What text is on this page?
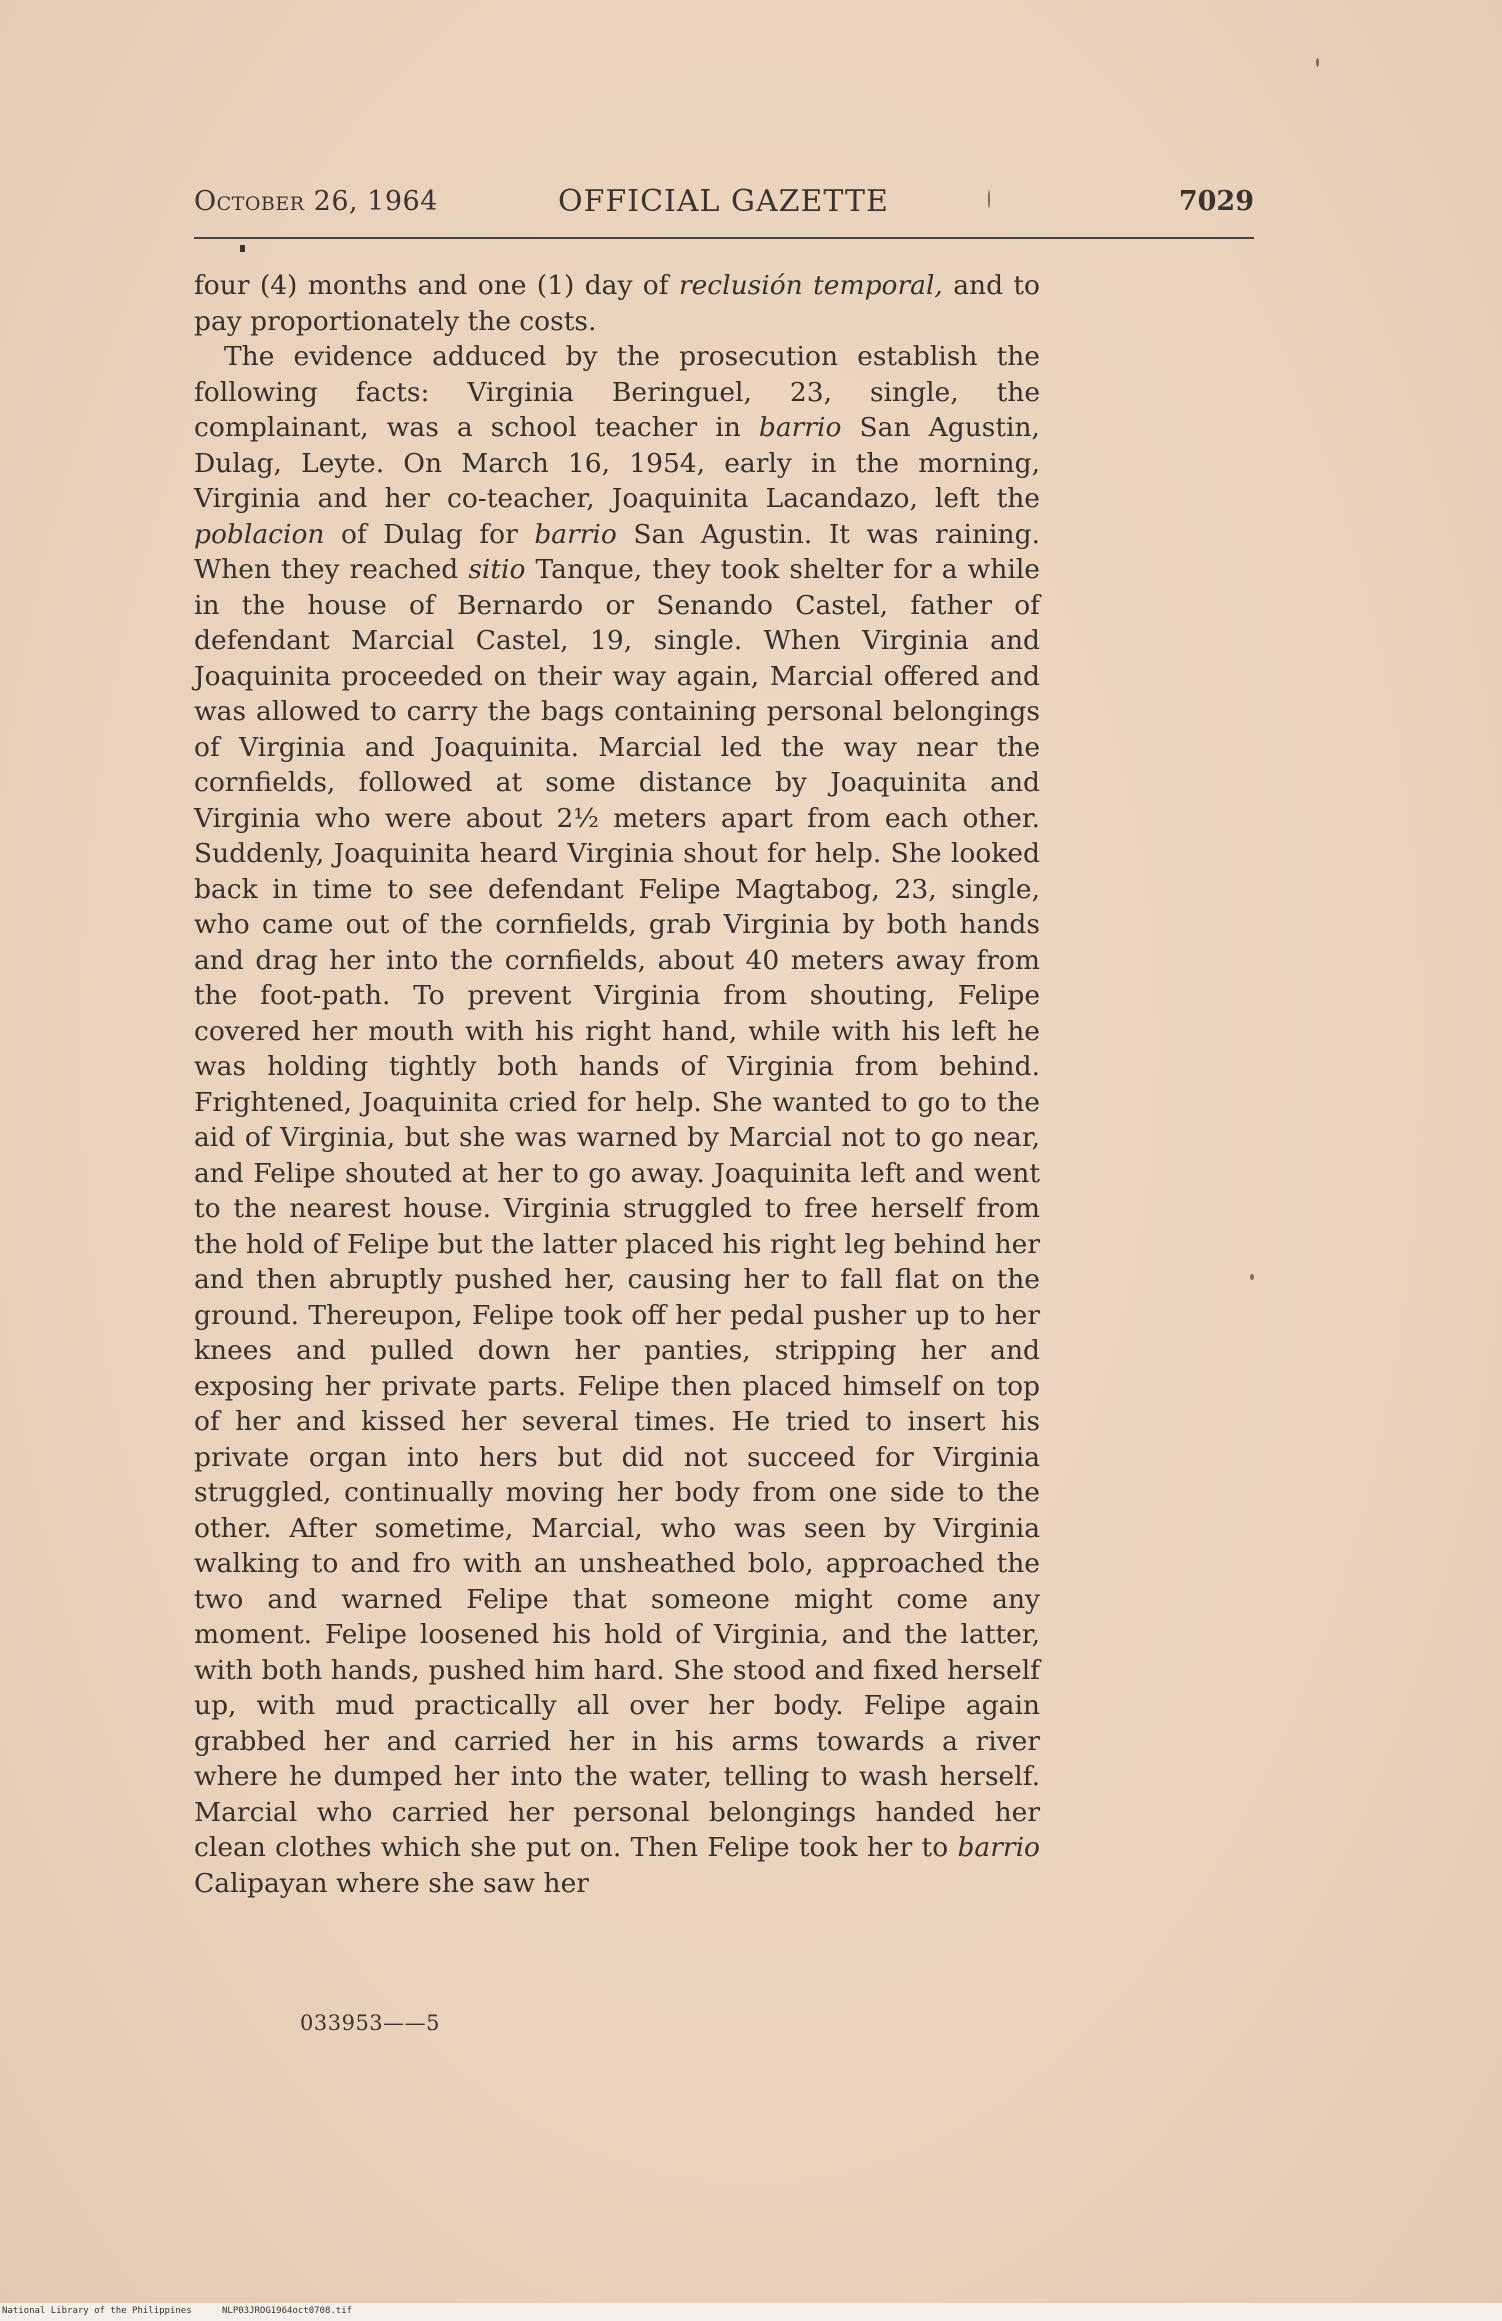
October 26, 1964	OFFICIAL GAZETTE	7029

four (4) months and one (1) day of reclusión temporal, and to pay proportionately the costs.

The evidence adduced by the prosecution establish the following facts: Virginia Beringuel, 23, single, the complainant, was a school teacher in barrio San Agustin, Dulag, Leyte. On March 16, 1954, early in the morning, Virginia and her co-teacher, Joaquinita Lacandazo, left the poblacion of Dulag for barrio San Agustin. It was raining. When they reached sitio Tanque, they took shelter for a while in the house of Bernardo or Senando Castel, father of defendant Marcial Castel, 19, single. When Virginia and Joaquinita proceeded on their way again, Marcial offered and was allowed to carry the bags containing personal belongings of Virginia and Joaquinita. Marcial led the way near the cornfields, followed at some distance by Joaquinita and Virginia who were about 2½ meters apart from each other. Suddenly, Joaquinita heard Virginia shout for help. She looked back in time to see defendant Felipe Magtabog, 23, single, who came out of the cornfields, grab Virginia by both hands and drag her into the cornfields, about 40 meters away from the foot-path. To prevent Virginia from shouting, Felipe covered her mouth with his right hand, while with his left he was holding tightly both hands of Virginia from behind. Frightened, Joaquinita cried for help. She wanted to go to the aid of Virginia, but she was warned by Marcial not to go near, and Felipe shouted at her to go away. Joaquinita left and went to the nearest house. Virginia struggled to free herself from the hold of Felipe but the latter placed his right leg behind her and then abruptly pushed her, causing her to fall flat on the ground. Thereupon, Felipe took off her pedal pusher up to her knees and pulled down her panties, stripping her and exposing her private parts. Felipe then placed himself on top of her and kissed her several times. He tried to insert his private organ into hers but did not succeed for Virginia struggled, continually moving her body from one side to the other. After sometime, Marcial, who was seen by Virginia walking to and fro with an unsheathed bolo, approached the two and warned Felipe that someone might come any moment. Felipe loosened his hold of Virginia, and the latter, with both hands, pushed him hard. She stood and fixed herself up, with mud practically all over her body. Felipe again grabbed her and carried her in his arms towards a river where he dumped her into the water, telling to wash herself. Marcial who carried her personal belongings handed her clean clothes which she put on. Then Felipe took her to barrio Calipayan where she saw her

033953——5
National Library of the Philippines	NLP03JROG1964oct0708.tif
